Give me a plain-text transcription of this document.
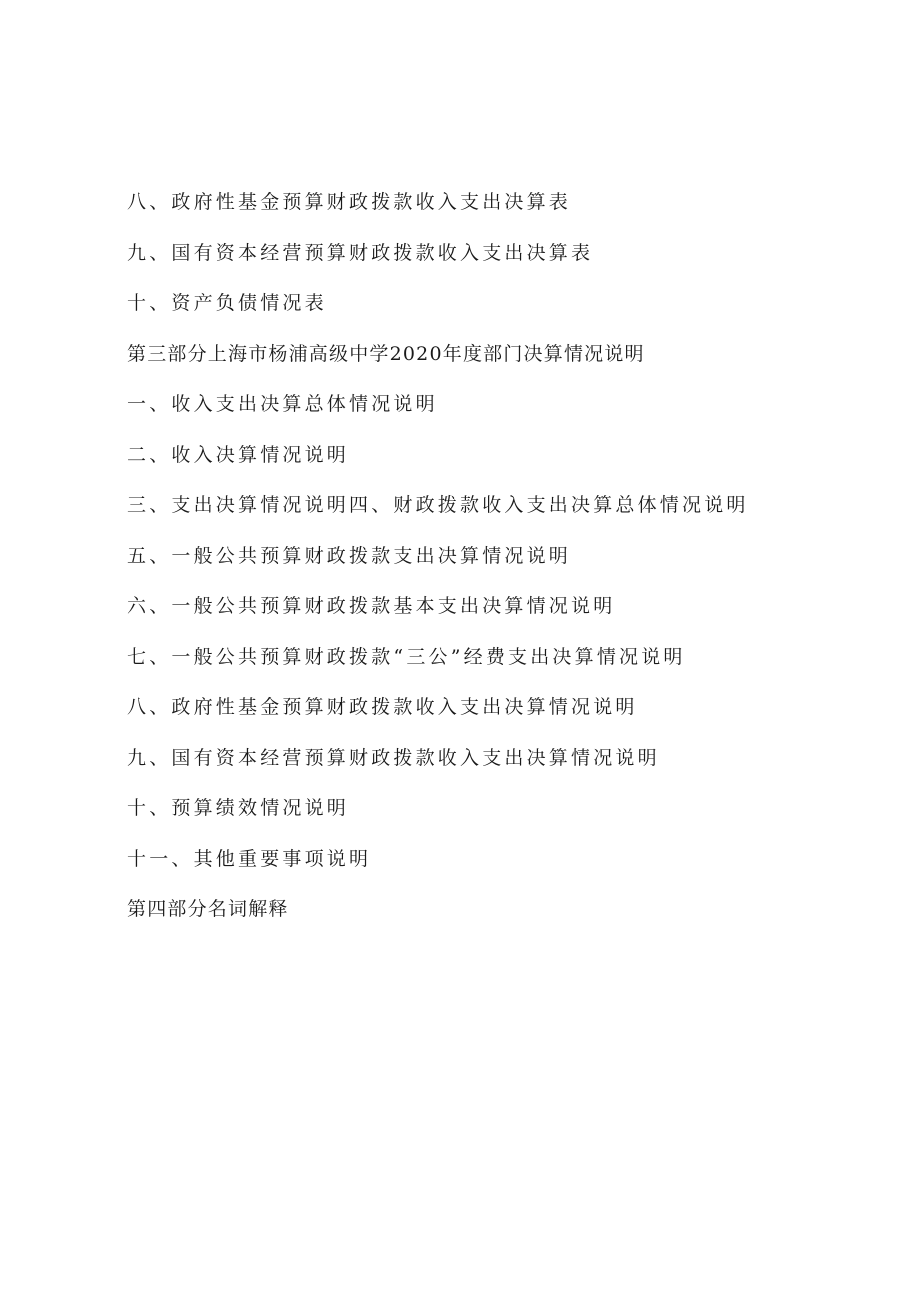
八、政府性基金预算财政拨款收入支出决算表
九、国有资本经营预算财政拨款收入支出决算表
十、资产负债情况表
第三部分上海市杨浦高级中学2020年度部门决算情况说明
一、收入支出决算总体情况说明
二、收入决算情况说明
三、支出决算情况说明四、财政拨款收入支出决算总体情况说明
五、一般公共预算财政拨款支出决算情况说明
六、一般公共预算财政拨款基本支出决算情况说明
七、一般公共预算财政拨款“三公”经费支出决算情况说明
八、政府性基金预算财政拨款收入支出决算情况说明
九、国有资本经营预算财政拨款收入支出决算情况说明
十、预算绩效情况说明
十一、其他重要事项说明
第四部分名词解释
